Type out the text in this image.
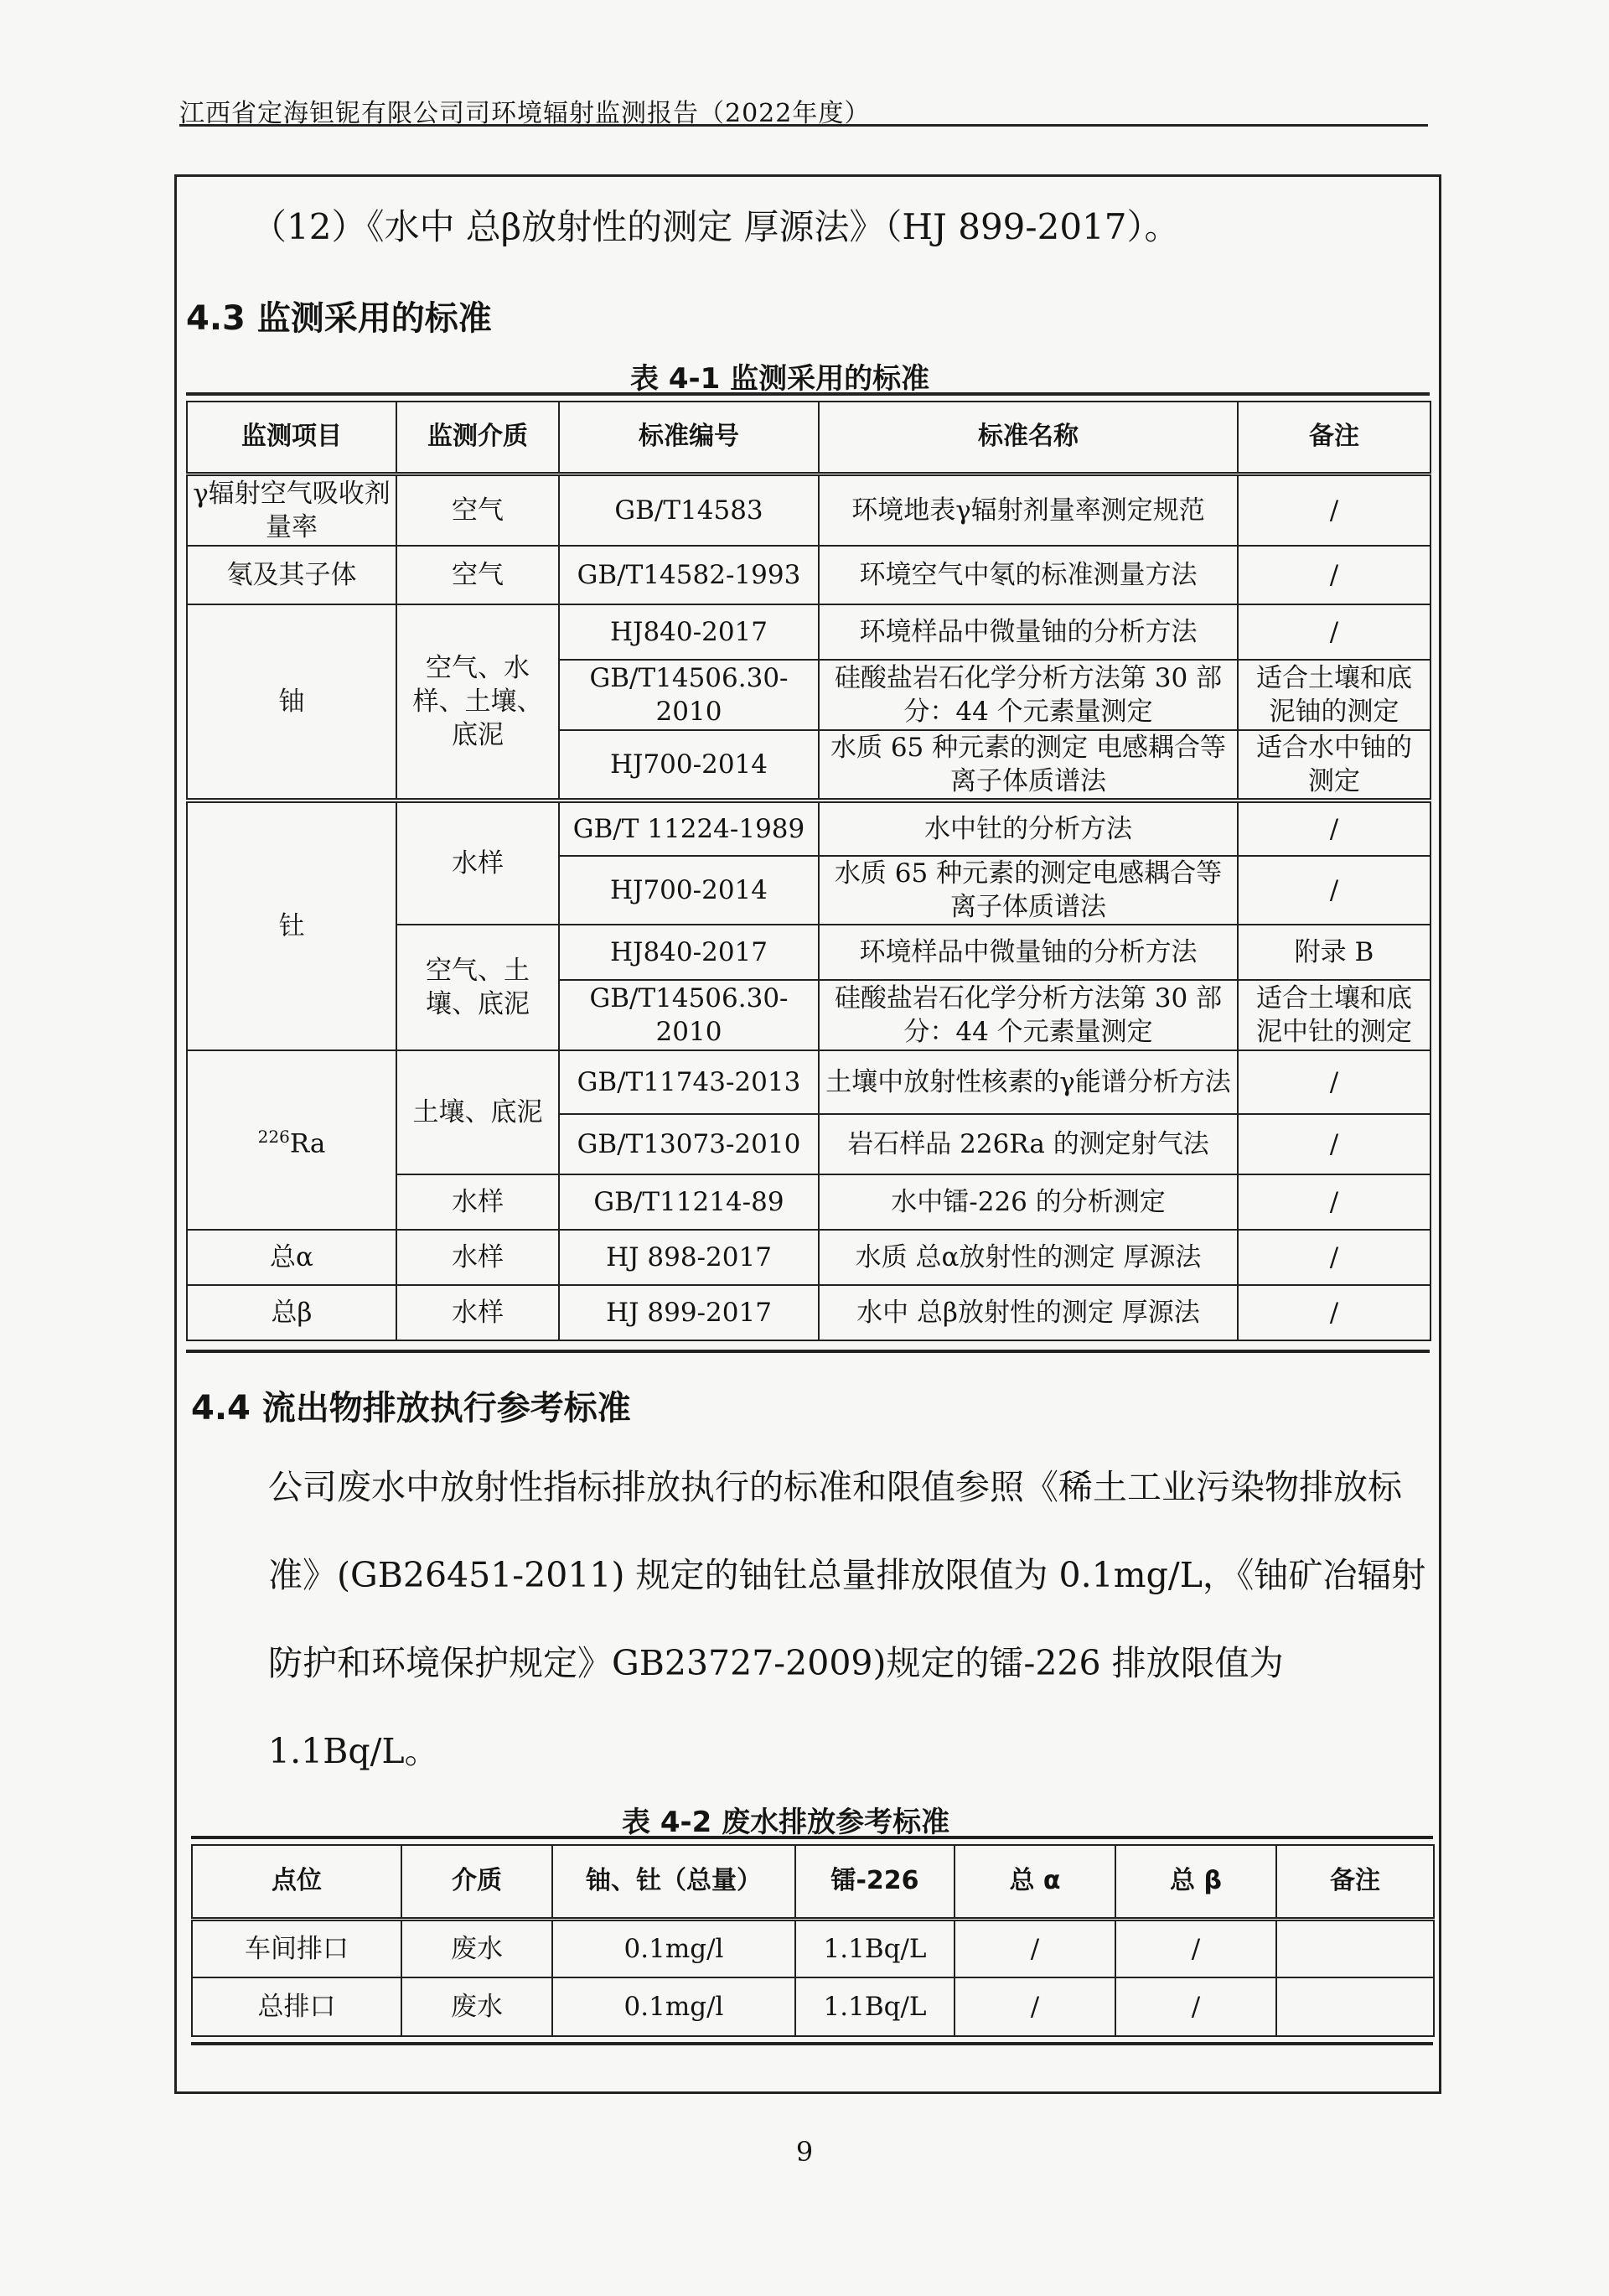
江西省定海钽铌有限公司司环境辐射监测报告（2022年度）
（12）《水中 总β放射性的测定 厚源法》（HJ 899-2017）。
4.3 监测采用的标准
表 4-1 监测采用的标准
监测项目	监测介质	标准编号	标准名称	备注
γ辐射空气吸收剂量率	空气	GB/T14583	环境地表γ辐射剂量率测定规范	/
氡及其子体	空气	GB/T14582-1993	环境空气中氡的标准测量方法	/
铀	空气、水样、土壤、底泥	HJ840-2017	环境样品中微量铀的分析方法	/
		GB/T14506.30-2010	硅酸盐岩石化学分析方法第 30 部分：44 个元素量测定	适合土壤和底泥铀的测定
		HJ700-2014	水质 65 种元素的测定 电感耦合等离子体质谱法	适合水中铀的测定
钍	水样	GB/T 11224-1989	水中钍的分析方法	/
		HJ700-2014	水质 65 种元素的测定电感耦合等离子体质谱法	/
	空气、土壤、底泥	HJ840-2017	环境样品中微量铀的分析方法	附录 B
		GB/T14506.30-2010	硅酸盐岩石化学分析方法第 30 部分：44 个元素量测定	适合土壤和底泥中钍的测定
$^{226}$Ra	土壤、底泥	GB/T11743-2013	土壤中放射性核素的γ能谱分析方法	/
		GB/T13073-2010	岩石样品 226Ra 的测定射气法	/
	水样	GB/T11214-89	水中镭-226 的分析测定	/
总α	水样	HJ 898-2017	水质 总α放射性的测定 厚源法	/
总β	水样	HJ 899-2017	水中 总β放射性的测定 厚源法	/
4.4 流出物排放执行参考标准
公司废水中放射性指标排放执行的标准和限值参照《稀土工业污染物排放标准》(GB26451-2011) 规定的铀钍总量排放限值为 0.1mg/L，《铀矿冶辐射防护和环境保护规定》GB23727-2009)规定的镭-226 排放限值为 1.1Bq/L。
表 4-2 废水排放参考标准
点位	介质	铀、钍（总量）	镭-226	总 α	总 β	备注
车间排口	废水	0.1mg/l	1.1Bq/L	/	/	
总排口	废水	0.1mg/l	1.1Bq/L	/	/	
9
